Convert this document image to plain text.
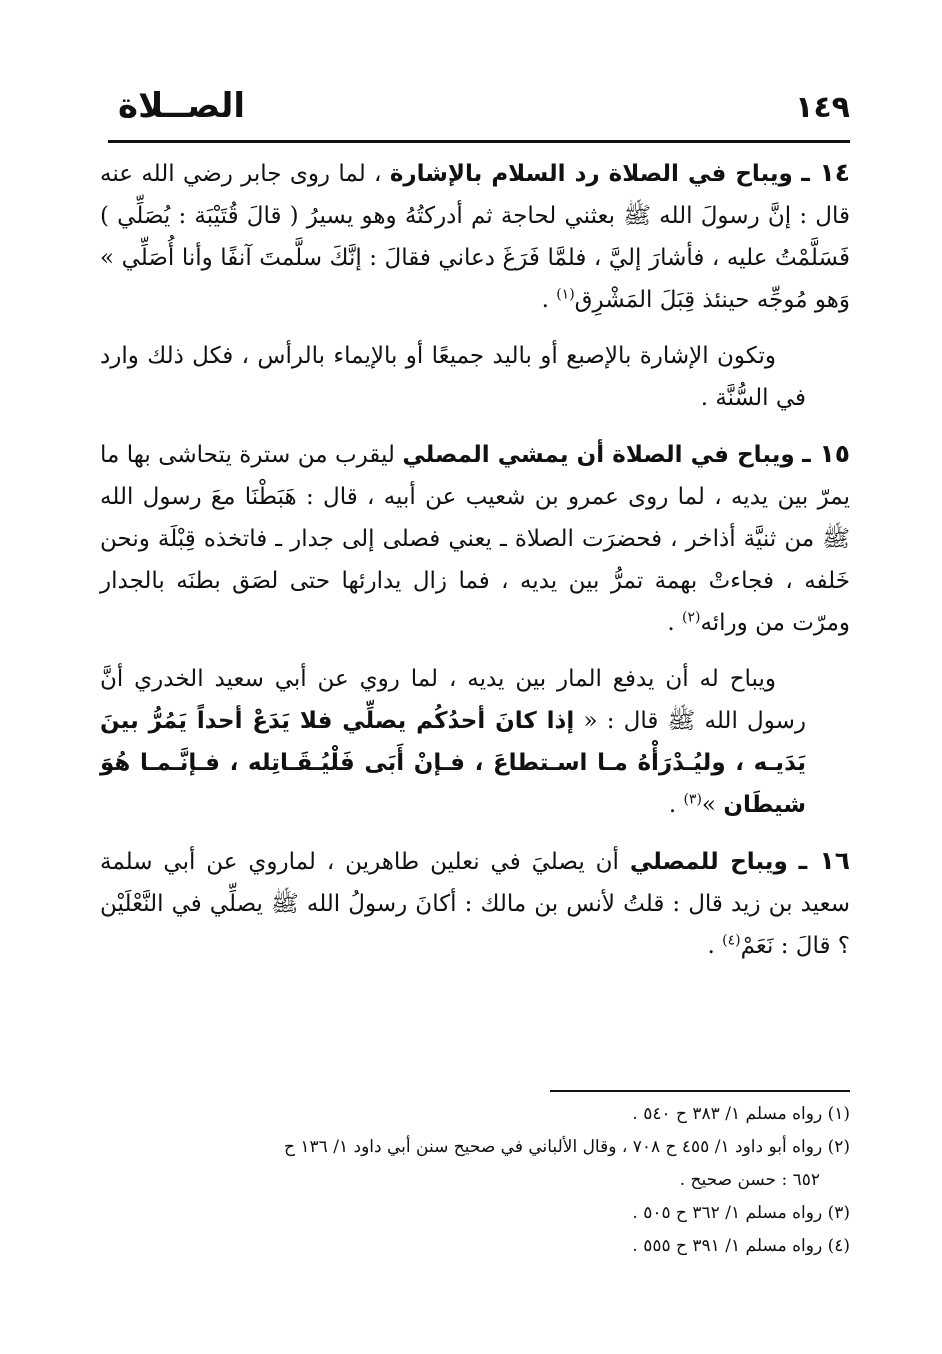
١٤٩
الصــلاة
١٤ ـ ويباح في الصلاة رد السلام بالإشارة ، لما روى جابر رضي الله عنه قال : إنَّ رسولَ الله ﷺ بعثني لحاجة ثم أدركتُهُ وهو يسيرُ ( قالَ قُتَيْبَة : يُصَلِّي ) فَسَلَّمْتُ عليه ، فأشارَ إليَّ ، فلمَّا فَرَغَ دعاني فقالَ : إنَّكَ سلَّمتَ آنفًا وأنا أُصَلِّي » وَهو مُوجِّه حينئذ قِبَلَ المَشْرِق$^{(١)}$ .
وتكون الإشارة بالإصبع أو باليد جميعًا أو بالإيماء بالرأس ، فكل ذلك وارد في السُّنَّة .
١٥ ـ ويباح في الصلاة أن يمشي المصلي ليقرب من سترة يتحاشى بها ما يمرّ بين يديه ، لما روى عمرو بن شعيب عن أبيه ، قال : هَبَطْنَا معَ رسول الله ﷺ من ثنيَّة أذاخر ، فحضرَت الصلاة ـ يعني فصلى إلى جدار ـ فاتخذه قِبْلَة ونحن خَلفه ، فجاءتْ بهمة تمرُّ بين يديه ، فما زال يدارئها حتى لصَق بطنَه بالجدار ومرّت من ورائه$^{(٢)}$ .
ويباح له أن يدفع المار بين يديه ، لما روي عن أبي سعيد الخدري أنَّ رسول الله ﷺ قال : « إذا كانَ أحدُكُم يصلِّي فلا يَدَعْ أحداً يَمُرُّ بينَ يَدَيـه ، وليُـدْرَأْهُ مـا اسـتطاعَ ، فـإنْ أَبَى فَلْيُـقَـاتِله ، فـإنَّـمـا هُوَ شيطَان »$^{(٣)}$ .
١٦ ـ ويباح للمصلي أن يصليَ في نعلين طاهرين ، لماروي عن أبي سلمة سعيد بن زيد قال : قلتُ لأنس بن مالك : أكانَ رسولُ الله ﷺ يصلِّي في النَّعْلَيْن ؟ قالَ : نَعَمْ$^{(٤)}$ .

(١) رواه مسلم ١/ ٣٨٣ ح ٥٤٠ .

(٢) رواه أبو داود ١/ ٤٥٥ ح ٧٠٨ ، وقال الألباني في صحيح سنن أبي داود ١/ ١٣٦ ح

٦٥٢ : حسن صحيح .

(٣) رواه مسلم ١/ ٣٦٢ ح ٥٠٥ .

(٤) رواه مسلم ١/ ٣٩١ ح ٥٥٥ .
